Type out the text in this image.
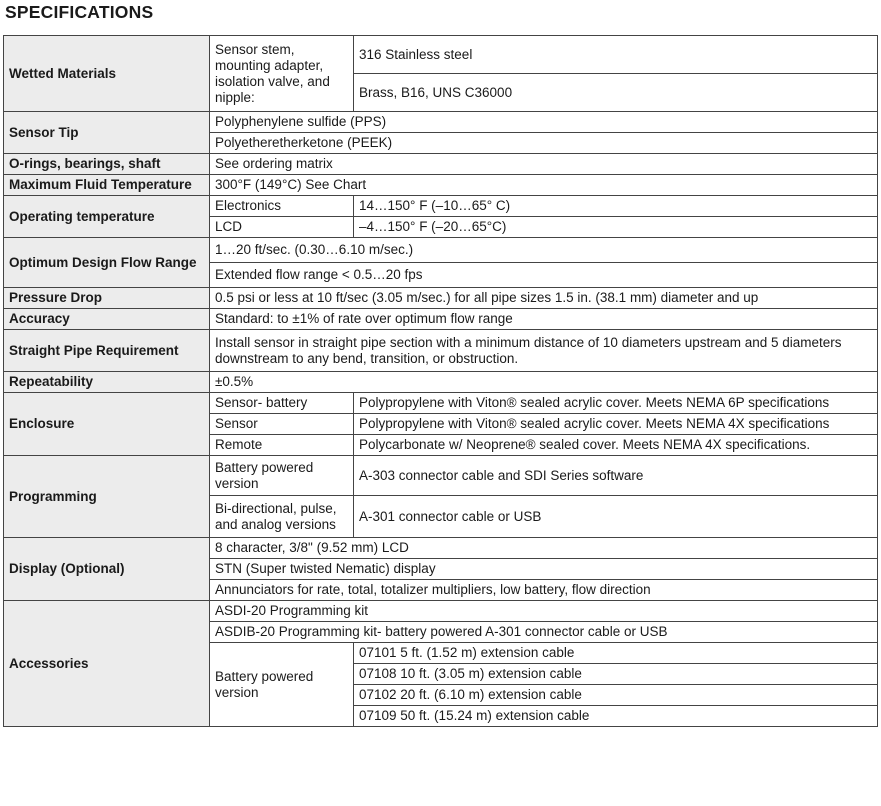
SPECIFICATIONS
Wetted Materials	Sensor stem, mounting adapter, isolation valve, and nipple:	316 Stainless steel
		Brass, B16, UNS C36000
Sensor Tip	Polyphenylene sulfide (PPS)	
	Polyetheretherketone (PEEK)	
O-rings, bearings, shaft	See ordering matrix	
Maximum Fluid Temperature	300°F (149°C) See Chart	
Operating temperature	Electronics	14…150° F (–10…65° C)
	LCD	–4…150° F (–20…65°C)
Optimum Design Flow Range	1…20 ft/sec. (0.30…6.10 m/sec.)	
	Extended flow range < 0.5…20 fps	
Pressure Drop	0.5 psi or less at 10 ft/sec (3.05 m/sec.) for all pipe sizes 1.5 in. (38.1 mm) diameter and up	
Accuracy	Standard: to ±1% of rate over optimum flow range	
Straight Pipe Requirement	Install sensor in straight pipe section with a minimum distance of 10 diameters upstream and 5 diameters downstream to any bend, transition, or obstruction.	
Repeatability	±0.5%	
Enclosure	Sensor- battery	Polypropylene with Viton® sealed acrylic cover. Meets NEMA 6P specifications
	Sensor	Polypropylene with Viton® sealed acrylic cover. Meets NEMA 4X specifications
	Remote	Polycarbonate w/ Neoprene® sealed cover. Meets NEMA 4X specifications.
Programming	Battery powered version	A-303 connector cable and SDI Series software
	Bi-directional, pulse, and analog versions	A-301 connector cable or USB
Display (Optional)	8 character, 3/8" (9.52 mm) LCD	
	STN (Super twisted Nematic) display	
	Annunciators for rate, total, totalizer multipliers, low battery, flow direction	
Accessories	ASDI-20 Programming kit	
	ASDIB-20 Programming kit- battery powered A-301 connector cable or USB	
	Battery powered version	07101 5 ft. (1.52 m) extension cable
		07108 10 ft. (3.05 m) extension cable
		07102 20 ft. (6.10 m) extension cable
		07109 50 ft. (15.24 m) extension cable
